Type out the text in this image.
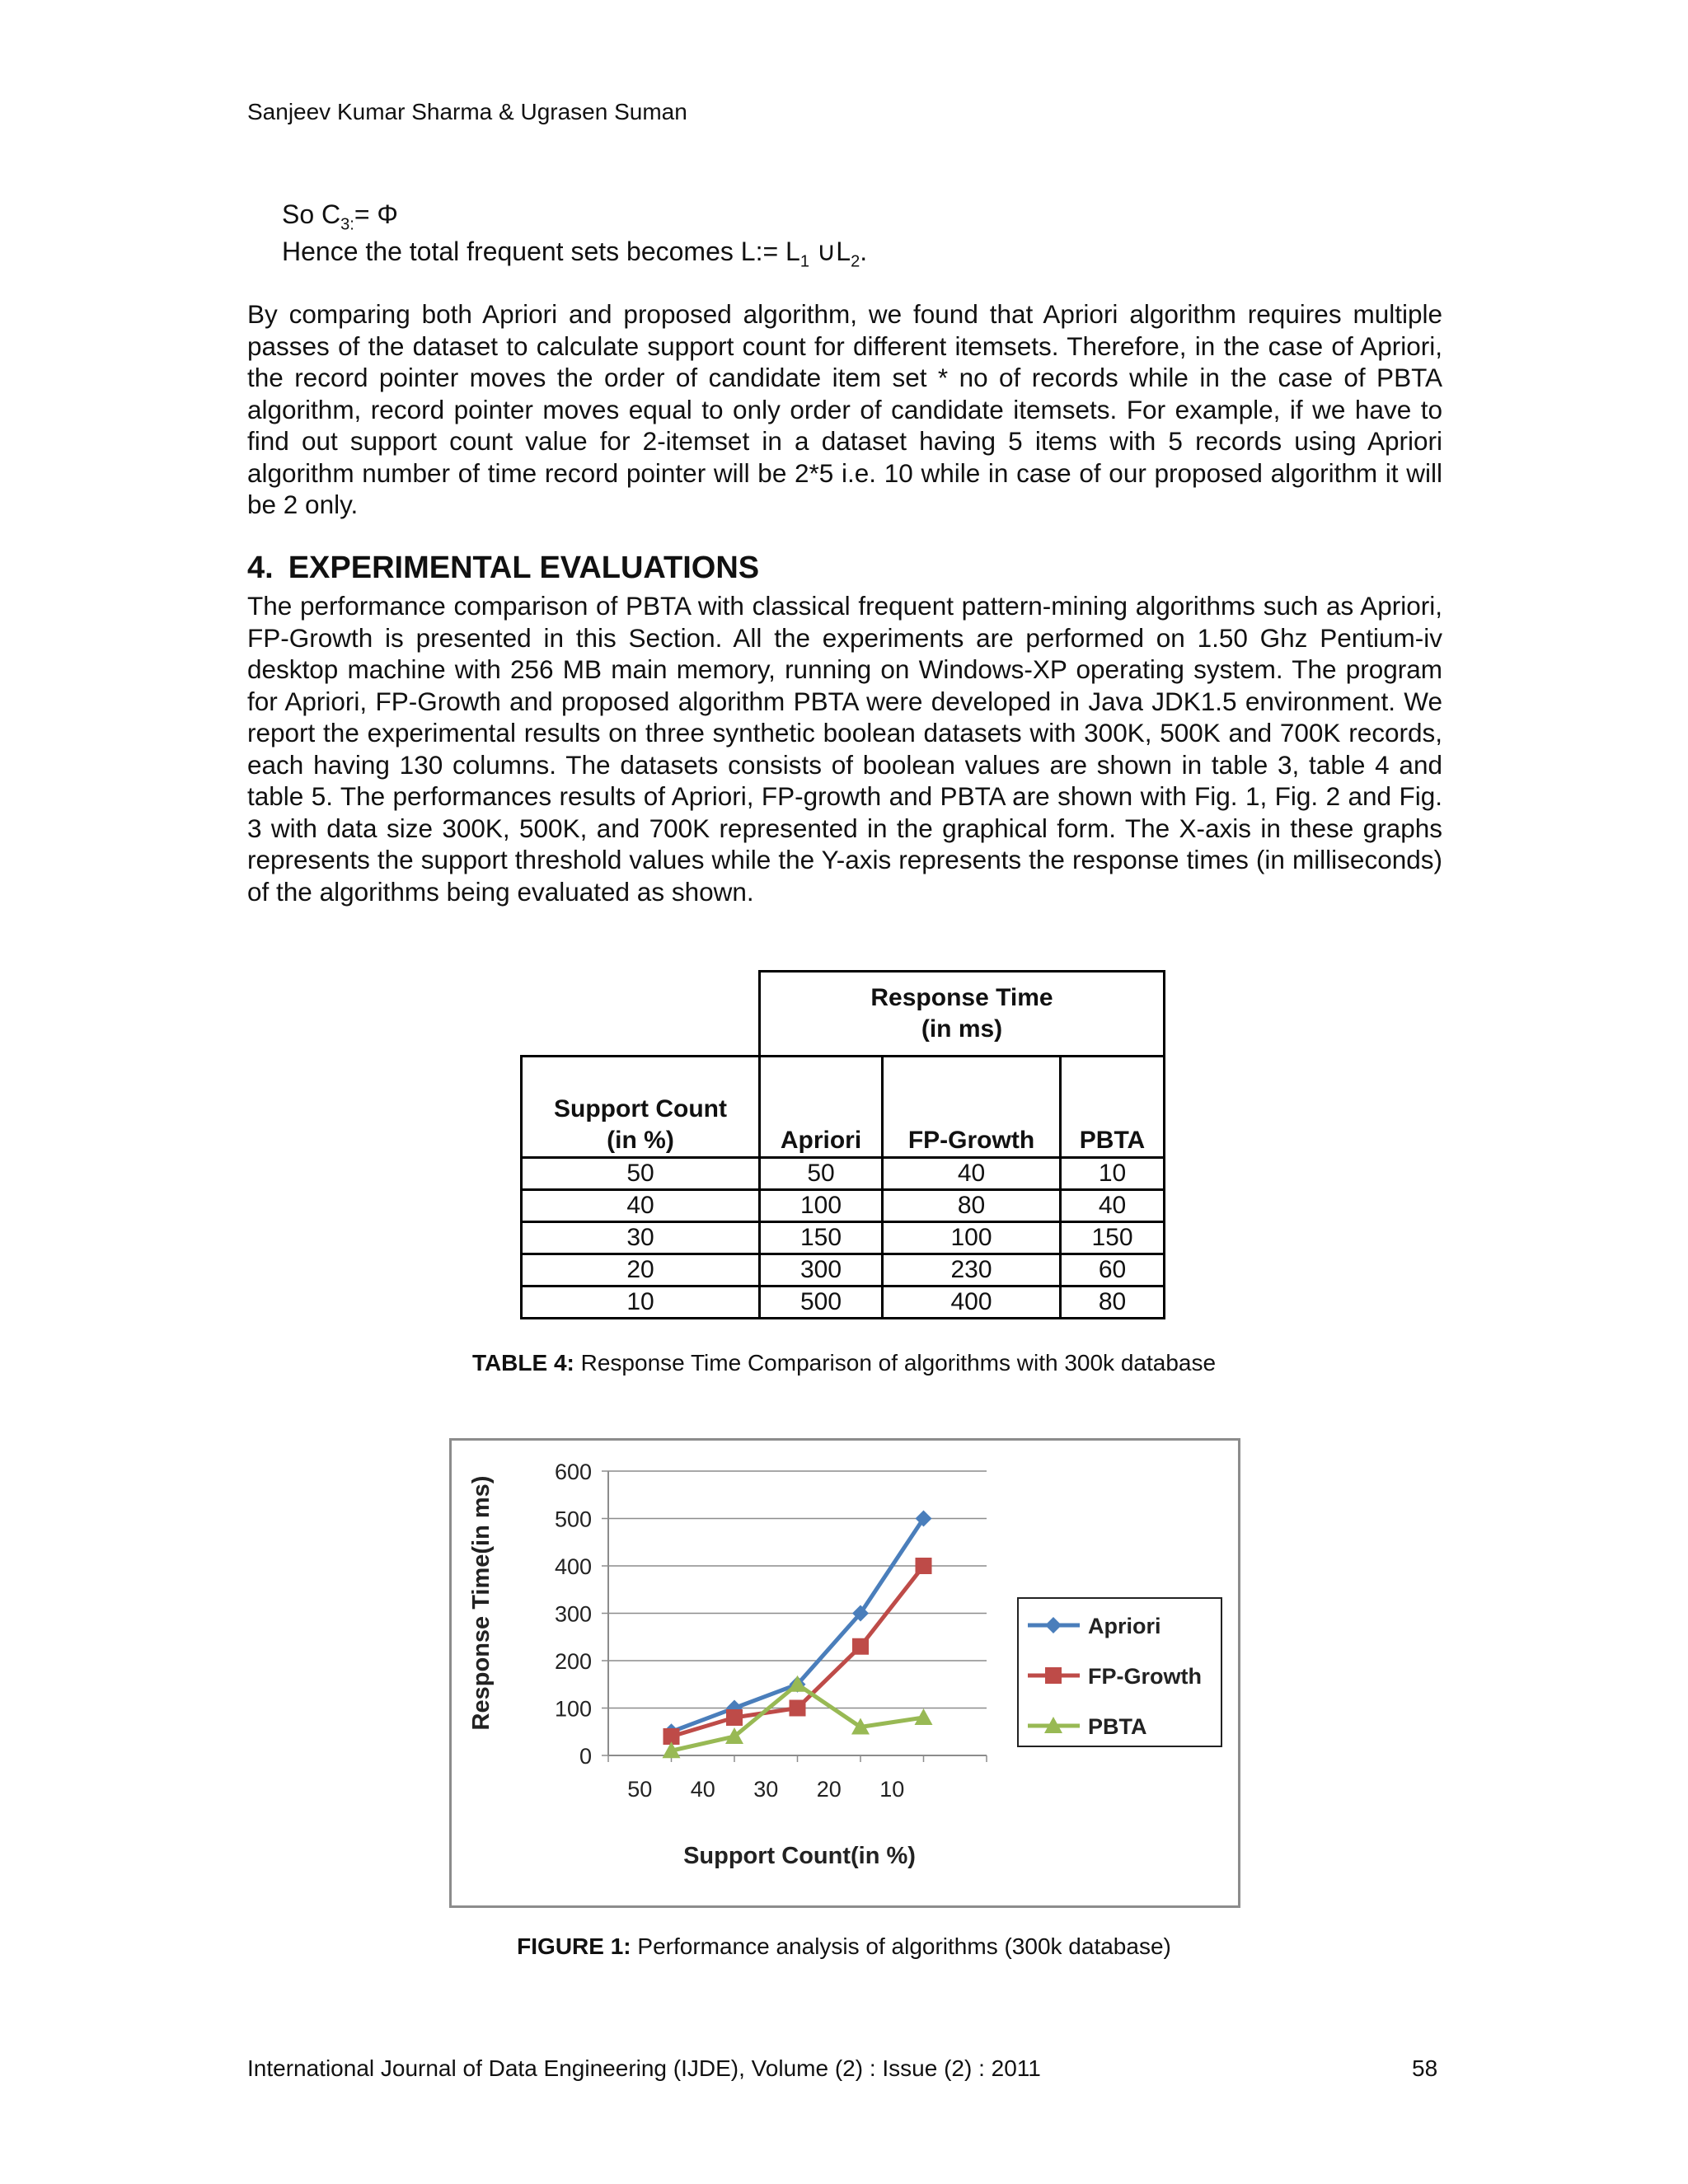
Sanjeev Kumar Sharma & Ugrasen Suman
So $C_{3:}= \Phi$
Hence the total frequent sets becomes L:= $L_1$ $\cup L_2$.

By comparing both Apriori and proposed algorithm, we found that Apriori algorithm requires multiple passes of the dataset to calculate support count for different itemsets. Therefore, in the case of Apriori, the record pointer moves the order of candidate item set * no of records while in the case of PBTA algorithm, record pointer moves equal to only order of candidate itemsets. For example, if we have to find out support count value for 2-itemset in a dataset having 5 items with 5 records using Apriori algorithm number of time record pointer will be 2*5 i.e. 10 while in case of our proposed algorithm it will be 2 only.

4. EXPERIMENTAL EVALUATIONS

The performance comparison of PBTA with classical frequent pattern-mining algorithms such as Apriori, FP-Growth is presented in this Section. All the experiments are performed on 1.50 Ghz Pentium-iv desktop machine with 256 MB main memory, running on Windows-XP operating system. The program for Apriori, FP-Growth and proposed algorithm PBTA were developed in Java JDK1.5 environment. We report the experimental results on three synthetic boolean datasets with 300K, 500K and 700K records, each having 130 columns. The datasets consists of boolean values are shown in table 3, table 4 and table 5. The performances results of Apriori, FP-growth and PBTA are shown with Fig. 1, Fig. 2 and Fig. 3 with data size 300K, 500K, and 700K represented in the graphical form. The X-axis in these graphs represents the support threshold values while the Y-axis represents the response times (in milliseconds) of the algorithms being evaluated as shown.

	Response Time
(in ms)		

Support Count
(in %)	Apriori	FP-Growth	PBTA
50	50	40	10
40	100	80	40
30	150	100	150
20	300	230	60
10	500	400	80
TABLE 4: Response Time Comparison of algorithms with 300k database
0
100
200
300
400
500
600
50 40 30 20 10
Response Time(in ms)
Support Count(in %)
Apriori
FP-Growth
PBTA
FIGURE 1: Performance analysis of algorithms (300k database)
International Journal of Data Engineering (IJDE), Volume (2) : Issue (2) : 2011	58
